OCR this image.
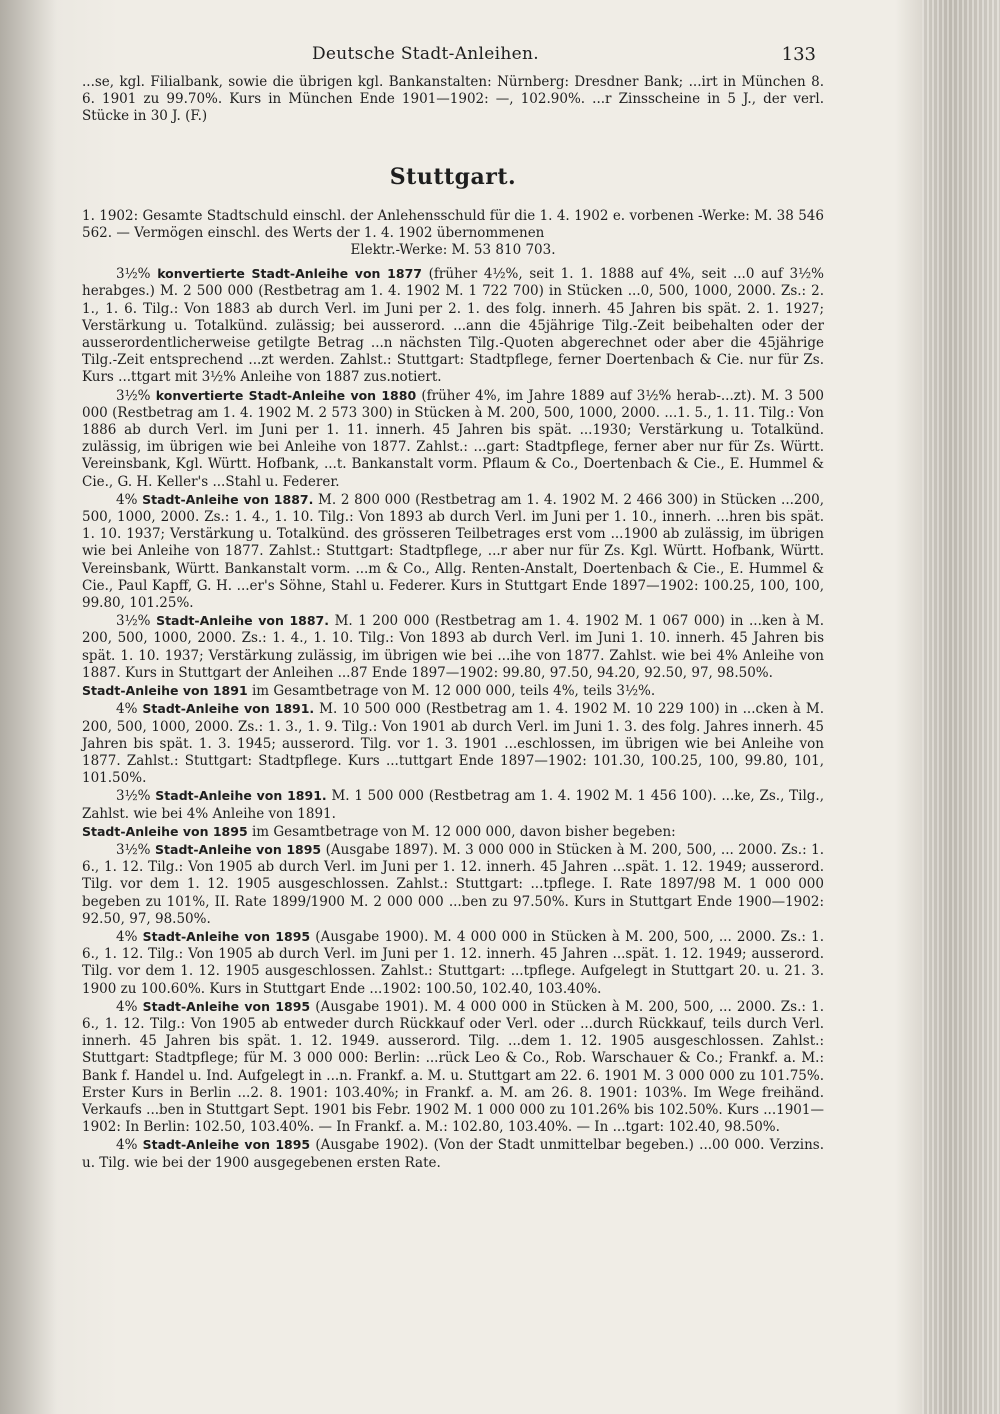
Deutsche Stadt-Anleihen.	133

...se, kgl. Filialbank, sowie die übrigen kgl. Bankanstalten: Nürnberg: Dresdner Bank; ...irt in München 8. 6. 1901 zu 99.70%. Kurs in München Ende 1901—1902: —, 102.90%. ...r Zinsscheine in 5 J., der verl. Stücke in 30 J. (F.)

Stuttgart.

1. 1902: Gesamte Stadtschuld einschl. der Anlehensschuld für die 1. 4. 1902 e. vorbenen -Werke: M. 38 546 562. — Vermögen einschl. des Werts der 1. 4. 1902 übernommenen

Elektr.-Werke: M. 53 810 703.

3½% konvertierte Stadt-Anleihe von 1877 (früher 4½%, seit 1. 1. 1888 auf 4%, seit ...0 auf 3½% herabges.) M. 2 500 000 (Restbetrag am 1. 4. 1902 M. 1 722 700) in Stücken ...0, 500, 1000, 2000. Zs.: 2. 1., 1. 6. Tilg.: Von 1883 ab durch Verl. im Juni per 2. 1. des folg. innerh. 45 Jahren bis spät. 2. 1. 1927; Verstärkung u. Totalkünd. zulässig; bei ausserord. ...ann die 45jährige Tilg.-Zeit beibehalten oder der ausserordentlicherweise getilgte Betrag ...n nächsten Tilg.-Quoten abgerechnet oder aber die 45jährige Tilg.-Zeit entsprechend ...zt werden. Zahlst.: Stuttgart: Stadtpflege, ferner Doertenbach & Cie. nur für Zs. Kurs ...ttgart mit 3½% Anleihe von 1887 zus.notiert.

3½% konvertierte Stadt-Anleihe von 1880 (früher 4%, im Jahre 1889 auf 3½% herab-...zt). M. 3 500 000 (Restbetrag am 1. 4. 1902 M. 2 573 300) in Stücken à M. 200, 500, 1000, 2000. ...1. 5., 1. 11. Tilg.: Von 1886 ab durch Verl. im Juni per 1. 11. innerh. 45 Jahren bis spät. ...1930; Verstärkung u. Totalkünd. zulässig, im übrigen wie bei Anleihe von 1877. Zahlst.: ...gart: Stadtpflege, ferner aber nur für Zs. Württ. Vereinsbank, Kgl. Württ. Hofbank, ...t. Bankanstalt vorm. Pflaum & Co., Doertenbach & Cie., E. Hummel & Cie., G. H. Keller's ...Stahl u. Federer.

4% Stadt-Anleihe von 1887. M. 2 800 000 (Restbetrag am 1. 4. 1902 M. 2 466 300) in Stücken ...200, 500, 1000, 2000. Zs.: 1. 4., 1. 10. Tilg.: Von 1893 ab durch Verl. im Juni per 1. 10., innerh. ...hren bis spät. 1. 10. 1937; Verstärkung u. Totalkünd. des grösseren Teilbetrages erst vom ...1900 ab zulässig, im übrigen wie bei Anleihe von 1877. Zahlst.: Stuttgart: Stadtpflege, ...r aber nur für Zs. Kgl. Württ. Hofbank, Württ. Vereinsbank, Württ. Bankanstalt vorm. ...m & Co., Allg. Renten-Anstalt, Doertenbach & Cie., E. Hummel & Cie., Paul Kapff, G. H. ...er's Söhne, Stahl u. Federer. Kurs in Stuttgart Ende 1897—1902: 100.25, 100, 100, 99.80, 101.25%.

3½% Stadt-Anleihe von 1887. M. 1 200 000 (Restbetrag am 1. 4. 1902 M. 1 067 000) in ...ken à M. 200, 500, 1000, 2000. Zs.: 1. 4., 1. 10. Tilg.: Von 1893 ab durch Verl. im Juni 1. 10. innerh. 45 Jahren bis spät. 1. 10. 1937; Verstärkung zulässig, im übrigen wie bei ...ihe von 1877. Zahlst. wie bei 4% Anleihe von 1887. Kurs in Stuttgart der Anleihen ...87 Ende 1897—1902: 99.80, 97.50, 94.20, 92.50, 97, 98.50%.

Stadt-Anleihe von 1891 im Gesamtbetrage von M. 12 000 000, teils 4%, teils 3½%.

4% Stadt-Anleihe von 1891. M. 10 500 000 (Restbetrag am 1. 4. 1902 M. 10 229 100) in ...cken à M. 200, 500, 1000, 2000. Zs.: 1. 3., 1. 9. Tilg.: Von 1901 ab durch Verl. im Juni 1. 3. des folg. Jahres innerh. 45 Jahren bis spät. 1. 3. 1945; ausserord. Tilg. vor 1. 3. 1901 ...eschlossen, im übrigen wie bei Anleihe von 1877. Zahlst.: Stuttgart: Stadtpflege. Kurs ...tuttgart Ende 1897—1902: 101.30, 100.25, 100, 99.80, 101, 101.50%.

3½% Stadt-Anleihe von 1891. M. 1 500 000 (Restbetrag am 1. 4. 1902 M. 1 456 100). ...ke, Zs., Tilg., Zahlst. wie bei 4% Anleihe von 1891.

Stadt-Anleihe von 1895 im Gesamtbetrage von M. 12 000 000, davon bisher begeben:

3½% Stadt-Anleihe von 1895 (Ausgabe 1897). M. 3 000 000 in Stücken à M. 200, 500, ... 2000. Zs.: 1. 6., 1. 12. Tilg.: Von 1905 ab durch Verl. im Juni per 1. 12. innerh. 45 Jahren ...spät. 1. 12. 1949; ausserord. Tilg. vor dem 1. 12. 1905 ausgeschlossen. Zahlst.: Stuttgart: ...tpflege. I. Rate 1897/98 M. 1 000 000 begeben zu 101%, II. Rate 1899/1900 M. 2 000 000 ...ben zu 97.50%. Kurs in Stuttgart Ende 1900—1902: 92.50, 97, 98.50%.

4% Stadt-Anleihe von 1895 (Ausgabe 1900). M. 4 000 000 in Stücken à M. 200, 500, ... 2000. Zs.: 1. 6., 1. 12. Tilg.: Von 1905 ab durch Verl. im Juni per 1. 12. innerh. 45 Jahren ...spät. 1. 12. 1949; ausserord. Tilg. vor dem 1. 12. 1905 ausgeschlossen. Zahlst.: Stuttgart: ...tpflege. Aufgelegt in Stuttgart 20. u. 21. 3. 1900 zu 100.60%. Kurs in Stuttgart Ende ...1902: 100.50, 102.40, 103.40%.

4% Stadt-Anleihe von 1895 (Ausgabe 1901). M. 4 000 000 in Stücken à M. 200, 500, ... 2000. Zs.: 1. 6., 1. 12. Tilg.: Von 1905 ab entweder durch Rückkauf oder Verl. oder ...durch Rückkauf, teils durch Verl. innerh. 45 Jahren bis spät. 1. 12. 1949. ausserord. Tilg. ...dem 1. 12. 1905 ausgeschlossen. Zahlst.: Stuttgart: Stadtpflege; für M. 3 000 000: Berlin: ...rück Leo & Co., Rob. Warschauer & Co.; Frankf. a. M.: Bank f. Handel u. Ind. Aufgelegt in ...n. Frankf. a. M. u. Stuttgart am 22. 6. 1901 M. 3 000 000 zu 101.75%. Erster Kurs in Berlin ...2. 8. 1901: 103.40%; in Frankf. a. M. am 26. 8. 1901: 103%. Im Wege freihänd. Verkaufs ...ben in Stuttgart Sept. 1901 bis Febr. 1902 M. 1 000 000 zu 101.26% bis 102.50%. Kurs ...1901—1902: In Berlin: 102.50, 103.40%. — In Frankf. a. M.: 102.80, 103.40%. — In ...tgart: 102.40, 98.50%.

4% Stadt-Anleihe von 1895 (Ausgabe 1902). (Von der Stadt unmittelbar begeben.) ...00 000. Verzins. u. Tilg. wie bei der 1900 ausgegebenen ersten Rate.
